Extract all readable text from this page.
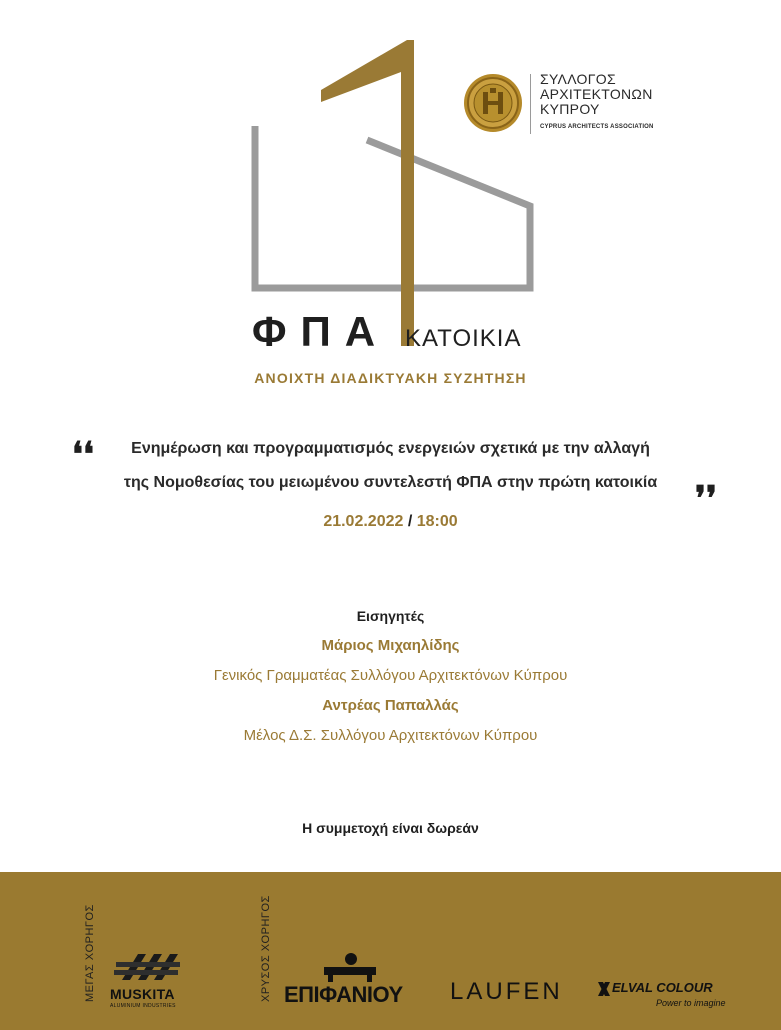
ΣΥΛΛΟΓΟΣ
ΑΡΧΙΤΕΚΤΟΝΩΝ
ΚΥΠΡΟΥ
CYPRUS ARCHITECTS ASSOCIATION
ΦΠΑ ΚΑΤΟΙΚΙΑ
ΑΝΟΙΧΤΗ ΔΙΑΔΙΚΤΥΑΚΗ ΣΥΖΗΤΗΣΗ
❛❛	Ενημέρωση και προγραμματισμός ενεργειών σχετικά με την αλλαγή
της Νομοθεσίας του μειωμένου συντελεστή ΦΠΑ στην πρώτη κατοικία	❜❜
21.02.2022 / 18:00
Εισηγητές
Μάριος Μιχαηλίδης
Γενικός Γραμματέας Συλλόγου Αρχιτεκτόνων Κύπρου
Αντρέας Παπαλλάς
Μέλος Δ.Σ. Συλλόγου Αρχιτεκτόνων Κύπρου
Η συμμετοχή είναι δωρεάν
ΜΕΓΑΣ ΧΟΡΗΓΟΣ	ΧΡΥΣΟΣ ΧΟΡΗΓΟΣ
MUSKITA
ALUMINIUM INDUSTRIES	ΕΠΙΦΑΝΙΟΥ LAUFEN	ELVAL COLOUR
Power to imagine
